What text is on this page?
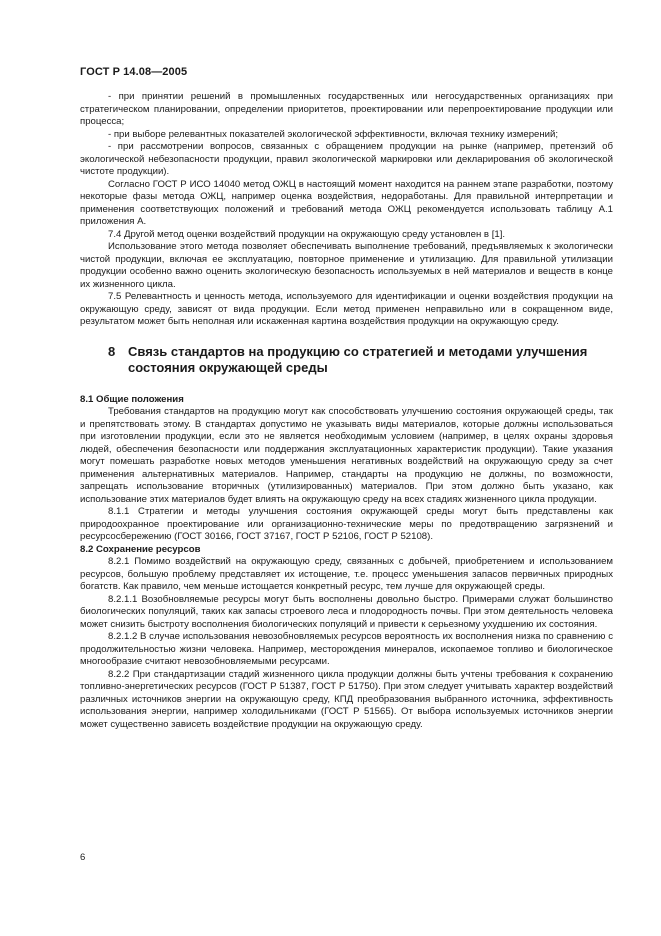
ГОСТ Р 14.08—2005

- при принятии решений в промышленных государственных или негосударственных организациях при стратегическом планировании, определении приоритетов, проектировании или перепроектирование продукции или процесса;

- при выборе релевантных показателей экологической эффективности, включая технику измерений;

- при рассмотрении вопросов, связанных с обращением продукции на рынке (например, претензий об экологической небезопасности продукции, правил экологической маркировки или декларирования об экологической чистоте продукции).

Согласно ГОСТ Р ИСО 14040 метод ОЖЦ в настоящий момент находится на раннем этапе разработки, поэтому некоторые фазы метода ОЖЦ, например оценка воздействия, недоработаны. Для правильной интерпретации и применения соответствующих положений и требований метода ОЖЦ рекомендуется использовать таблицу А.1 приложения А.

7.4 Другой метод оценки воздействий продукции на окружающую среду установлен в [1].

Использование этого метода позволяет обеспечивать выполнение требований, предъявляемых к экологически чистой продукции, включая ее эксплуатацию, повторное применение и утилизацию. Для правильной утилизации продукции особенно важно оценить экологическую безопасность используемых в ней материалов и веществ в конце их жизненного цикла.

7.5 Релевантность и ценность метода, используемого для идентификации и оценки воздействия продукции на окружающую среду, зависят от вида продукции. Если метод применен неправильно или в сокращенном виде, результатом может быть неполная или искаженная картина воздействия продукции на окружающую среду.

8 Связь стандартов на продукцию со стратегией и методами улучшения состояния окружающей среды

8.1 Общие положения

Требования стандартов на продукцию могут как способствовать улучшению состояния окружающей среды, так и препятствовать этому. В стандартах допустимо не указывать виды материалов, которые должны использоваться при изготовлении продукции, если это не является необходимым условием (например, в целях охраны здоровья людей, обеспечения безопасности или поддержания эксплуатационных характеристик продукции). Такие указания могут помешать разработке новых методов уменьшения негативных воздействий на окружающую среду за счет применения альтернативных материалов. Например, стандарты на продукцию не должны, по возможности, запрещать использование вторичных (утилизированных) материалов. При этом должно быть указано, как использование этих материалов будет влиять на окружающую среду на всех стадиях жизненного цикла продукции.

8.1.1 Стратегии и методы улучшения состояния окружающей среды могут быть представлены как природоохранное проектирование или организационно-технические меры по предотвращению загрязнений и ресурсосбережению (ГОСТ 30166, ГОСТ 37167, ГОСТ Р 52106, ГОСТ Р 52108).

8.2 Сохранение ресурсов

8.2.1 Помимо воздействий на окружающую среду, связанных с добычей, приобретением и использованием ресурсов, большую проблему представляет их истощение, т.е. процесс уменьшения запасов первичных природных богатств. Как правило, чем меньше истощается конкретный ресурс, тем лучше для окружающей среды.

8.2.1.1 Возобновляемые ресурсы могут быть восполнены довольно быстро. Примерами служат большинство биологических популяций, таких как запасы строевого леса и плодородность почвы. При этом деятельность человека может снизить быстроту восполнения биологических популяций и привести к серьезному ухудшению их состояния.

8.2.1.2 В случае использования невозобновляемых ресурсов вероятность их восполнения низка по сравнению с продолжительностью жизни человека. Например, месторождения минералов, ископаемое топливо и биологическое многообразие считают невозобновляемыми ресурсами.

8.2.2 При стандартизации стадий жизненного цикла продукции должны быть учтены требования к сохранению топливно-энергетических ресурсов (ГОСТ Р 51387, ГОСТ Р 51750). При этом следует учитывать характер воздействий различных источников энергии на окружающую среду, КПД преобразования выбранного источника, эффективность использования энергии, например холодильниками (ГОСТ Р 51565). От выбора используемых источников энергии может существенно зависеть воздействие продукции на окружающую среду.

6
